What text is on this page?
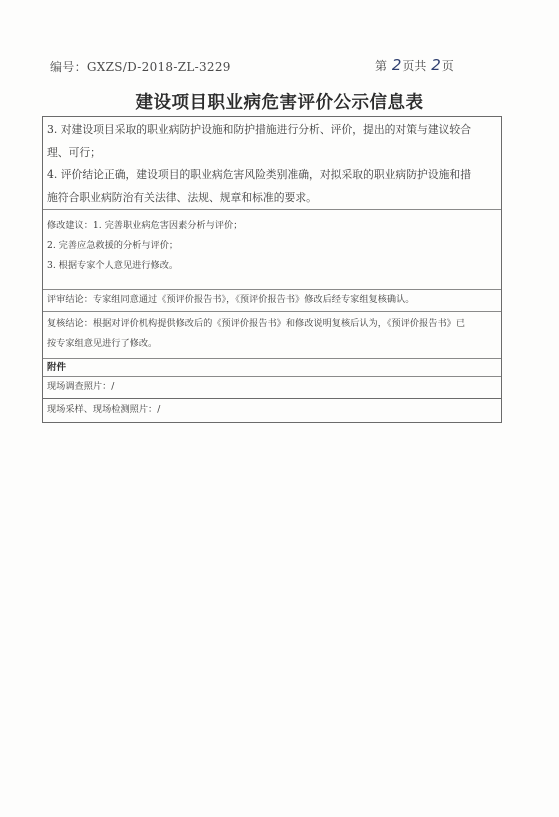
编号：GXZS/D-2018-ZL-3229	第 2页共 2页
建设项目职业病危害评价公示信息表
3. 对建设项目采取的职业病防护设施和防护措施进行分析、评价，提出的对策与建议较合
理、可行；
4. 评价结论正确，建设项目的职业病危害风险类别准确，对拟采取的职业病防护设施和措
施符合职业病防治有关法律、法规、规章和标准的要求。
修改建议：1. 完善职业病危害因素分析与评价；
2. 完善应急救援的分析与评价；
3. 根据专家个人意见进行修改。
评审结论：专家组同意通过《预评价报告书》，《预评价报告书》修改后经专家组复核确认。
复核结论：根据对评价机构提供修改后的《预评价报告书》和修改说明复核后认为，《预评价报告书》已
按专家组意见进行了修改。
附件
现场调查照片：/
现场采样、现场检测照片：/
